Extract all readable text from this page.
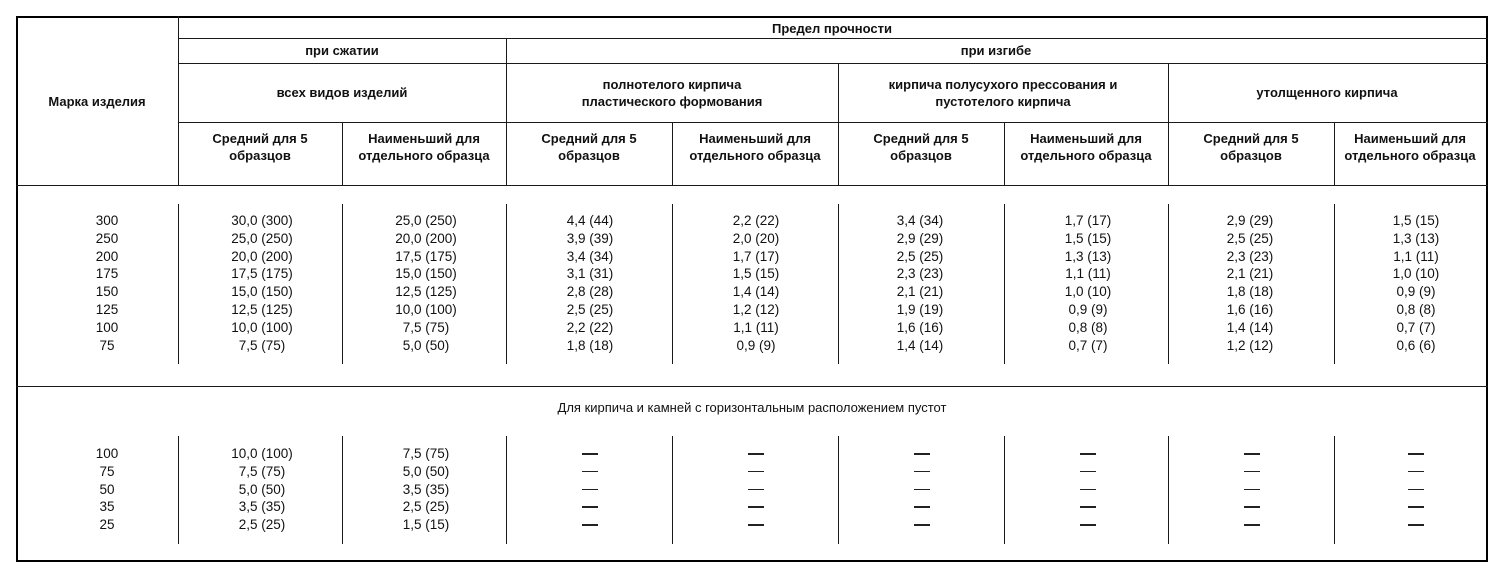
Марка изделия
Предел прочности
при сжатии	при изгибе
всех видов изделий
полнотелого кирпича пластического формования
кирпича полусухого прессования и пустотелого кирпича
утолщенного кирпича
Средний для 5 образцов
Наименьший для отдельного образца
Средний для 5 образцов
Наименьший для отдельного образца
Средний для 5 образцов
Наименьший для отдельного образца
Средний для 5 образцов
Наименьший для отдельного образца
300
250
200
175
150
125
100
75
30,0 (300)
25,0 (250)
20,0 (200)
17,5 (175)
15,0 (150)
12,5 (125)
10,0 (100)
7,5 (75)
25,0 (250)
20,0 (200)
17,5 (175)
15,0 (150)
12,5 (125)
10,0 (100)
7,5 (75)
5,0 (50)
4,4 (44)
3,9 (39)
3,4 (34)
3,1 (31)
2,8 (28)
2,5 (25)
2,2 (22)
1,8 (18)
2,2 (22)
2,0 (20)
1,7 (17)
1,5 (15)
1,4 (14)
1,2 (12)
1,1 (11)
0,9 (9)
3,4 (34)
2,9 (29)
2,5 (25)
2,3 (23)
2,1 (21)
1,9 (19)
1,6 (16)
1,4 (14)
1,7 (17)
1,5 (15)
1,3 (13)
1,1 (11)
1,0 (10)
0,9 (9)
0,8 (8)
0,7 (7)
2,9 (29)
2,5 (25)
2,3 (23)
2,1 (21)
1,8 (18)
1,6 (16)
1,4 (14)
1,2 (12)
1,5 (15)
1,3 (13)
1,1 (11)
1,0 (10)
0,9 (9)
0,8 (8)
0,7 (7)
0,6 (6)
Для кирпича и камней с горизонтальным расположением пустот
100
75
50
35
25
10,0 (100)
7,5 (75)
5,0 (50)
3,5 (35)
2,5 (25)
7,5 (75)
5,0 (50)
3,5 (35)
2,5 (25)
1,5 (15)
